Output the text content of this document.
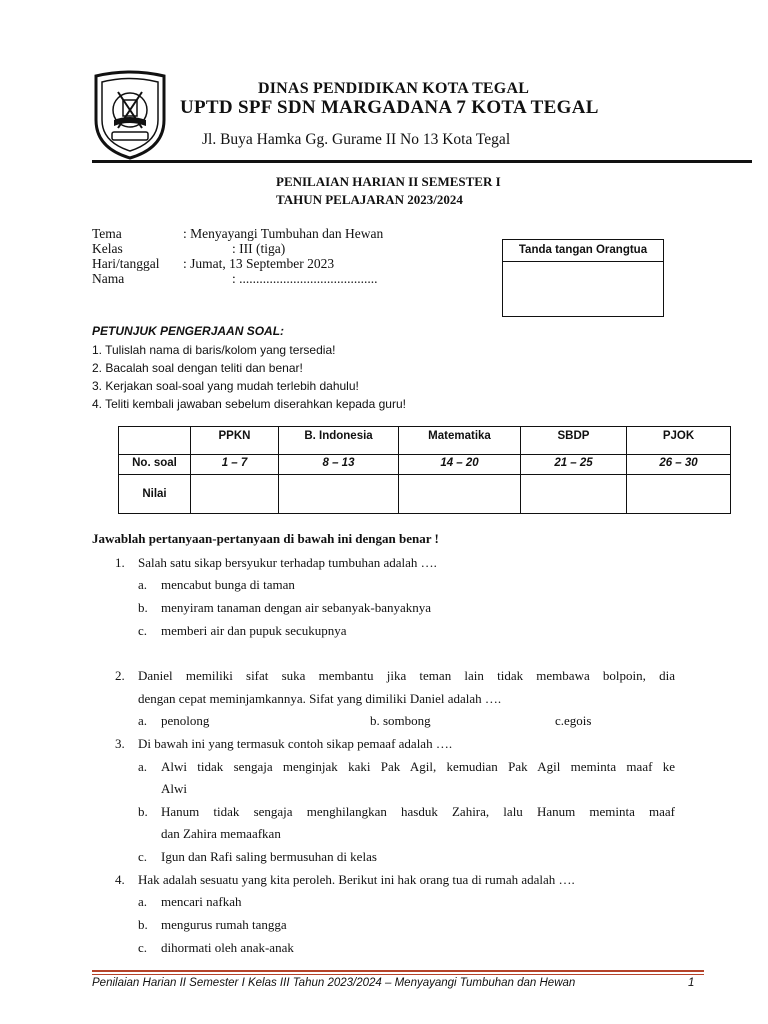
DINAS PENDIDIKAN KOTA TEGAL
UPTD SPF SDN MARGADANA 7 KOTA TEGAL
Jl. Buya Hamka Gg. Gurame II No 13 Kota Tegal
PENILAIAN HARIAN II SEMESTER I
TAHUN PELAJARAN 2023/2024
Tema	: Menyayangi Tumbuhan dan Hewan
Kelas	: III (tiga)
Hari/tanggal : Jumat, 13 September 2023
Nama	: .........................................
Tanda tangan Orangtua
PETUNJUK PENGERJAAN SOAL:
1. Tulislah nama di baris/kolom yang tersedia!
2. Bacalah soal dengan teliti dan benar!
3. Kerjakan soal-soal yang mudah terlebih dahulu!
4. Teliti kembali jawaban sebelum diserahkan kepada guru!
	PPKN	B. Indonesia	Matematika	SBDP	PJOK
No. soal	1 – 7	8 – 13	14 – 20	21 – 25	26 – 30
Nilai					
Jawablah pertanyaan-pertanyaan di bawah ini dengan benar !
1. Salah satu sikap bersyukur terhadap tumbuhan adalah ….
a. mencabut bunga di taman
b. menyiram tanaman dengan air sebanyak-banyaknya
c. memberi air dan pupuk secukupnya
2. Daniel memiliki sifat suka membantu jika teman lain tidak membawa bolpoin, dia
dengan cepat meminjamkannya. Sifat yang dimiliki Daniel adalah ….
a. penolong	b. sombong	c.egois
3. Di bawah ini yang termasuk contoh sikap pemaaf adalah ….
a. Alwi tidak sengaja menginjak kaki Pak Agil, kemudian Pak Agil meminta maaf ke
Alwi
b. Hanum tidak sengaja menghilangkan hasduk Zahira, lalu Hanum meminta maaf
dan Zahira memaafkan
c. Igun dan Rafi saling bermusuhan di kelas
4. Hak adalah sesuatu yang kita peroleh. Berikut ini hak orang tua di rumah adalah ….
a. mencari nafkah
b. mengurus rumah tangga
c. dihormati oleh anak-anak
Penilaian Harian II Semester I Kelas III Tahun 2023/2024 – Menyayangi Tumbuhan dan Hewan	1
